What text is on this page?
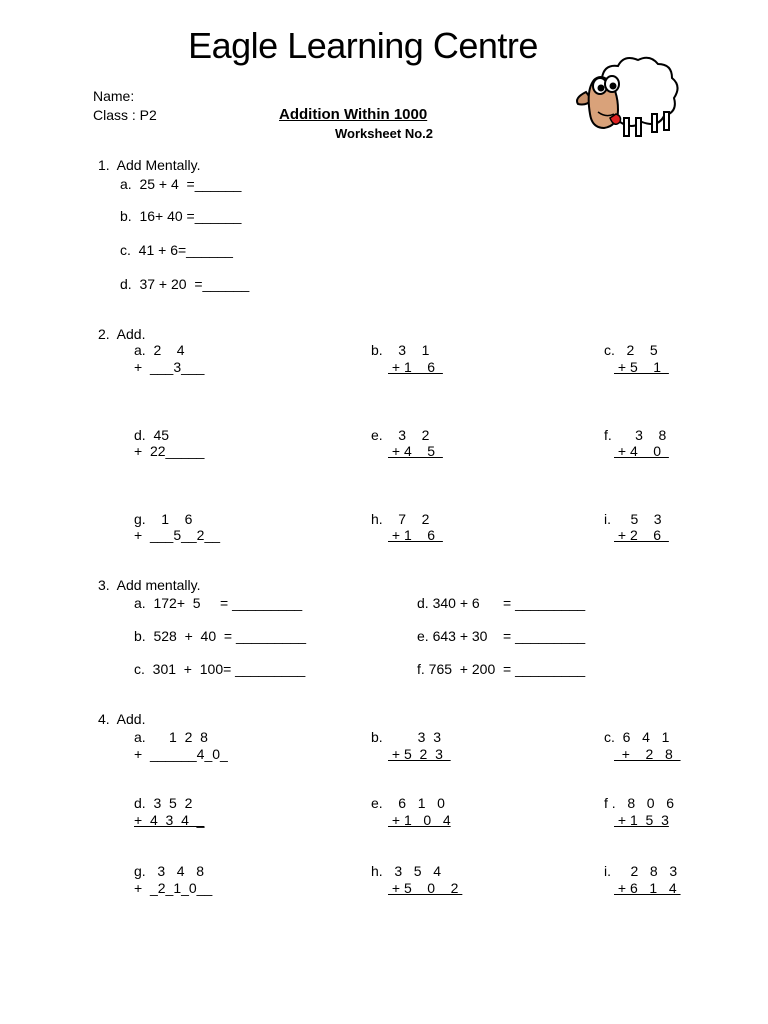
Eagle Learning Centre
Name:
Class : P2	Addition Within 1000
Worksheet No.2
1.  Add Mentally.
a.  25 + 4  =______
b.  16+ 40 =______
c.  41 + 6=______
d.  37 + 20  =______
2.  Add.
a.  2    4
+  ___3___
b.    3    1
+ 1    6
c.   2    5
+ 5    1
d.  45
+  22_____
e.    3    2
+ 4    5
f.      3    8
+ 4    0
g.    1    6
+  ___5__2__
h.    7    2
+ 1    6
i.     5    3
+ 2    6
3.  Add mentally.
a.  172+  5     = _________
b.  528  +  40  = _________
c.  301  +  100= _________
d. 340 + 6      = _________
e. 643 + 30    = _________
f. 765  + 200  = _________
4.  Add.
a.      1  2  8
+  ______4_0_
b.         3  3
+ 5  2  3
c.  6   4   1
+    2   8
d.  3  5  2
+  4  3  4  _
e.    6   1   0
+ 1   0   4
f .   8   0   6
+ 1  5  3
g.   3   4   8
+  _2_1_0__
h.   3   5   4
+ 5    0    2
i.     2   8   3
+ 6   1   4
